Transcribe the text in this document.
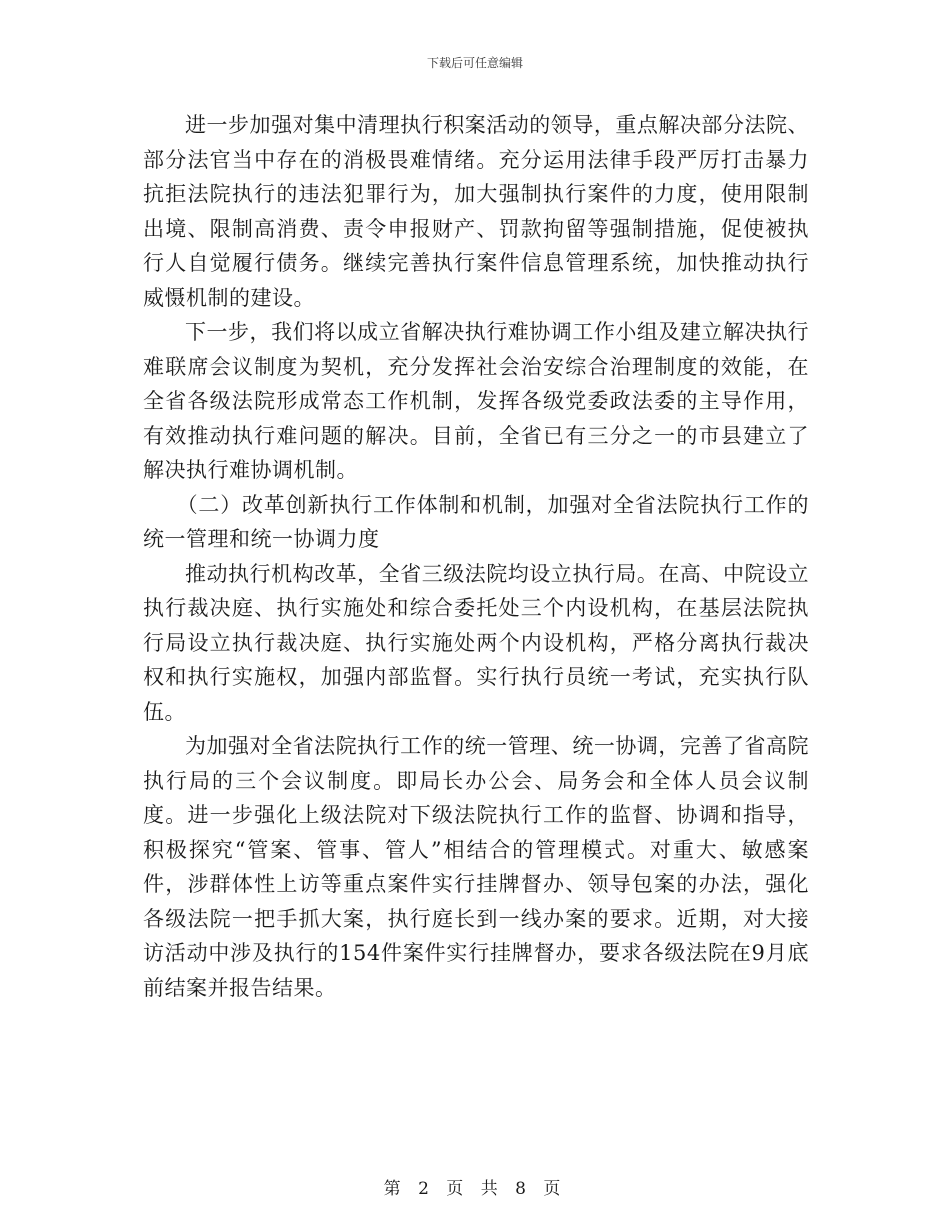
下载后可任意编辑

进一步加强对集中清理执行积案活动的领导，重点解决部分法院、部分法官当中存在的消极畏难情绪。充分运用法律手段严厉打击暴力抗拒法院执行的违法犯罪行为，加大强制执行案件的力度，使用限制出境、限制高消费、责令申报财产、罚款拘留等强制措施，促使被执行人自觉履行债务。继续完善执行案件信息管理系统，加快推动执行威慑机制的建设。

下一步，我们将以成立省解决执行难协调工作小组及建立解决执行难联席会议制度为契机，充分发挥社会治安综合治理制度的效能，在全省各级法院形成常态工作机制，发挥各级党委政法委的主导作用，有效推动执行难问题的解决。目前，全省已有三分之一的市县建立了解决执行难协调机制。

（二）改革创新执行工作体制和机制，加强对全省法院执行工作的统一管理和统一协调力度

推动执行机构改革，全省三级法院均设立执行局。在高、中院设立执行裁决庭、执行实施处和综合委托处三个内设机构，在基层法院执行局设立执行裁决庭、执行实施处两个内设机构，严格分离执行裁决权和执行实施权，加强内部监督。实行执行员统一考试，充实执行队伍。

为加强对全省法院执行工作的统一管理、统一协调，完善了省高院执行局的三个会议制度。即局长办公会、局务会和全体人员会议制度。进一步强化上级法院对下级法院执行工作的监督、协调和指导，积极探究“管案、管事、管人”相结合的管理模式。对重大、敏感案件，涉群体性上访等重点案件实行挂牌督办、领导包案的办法，强化各级法院一把手抓大案，执行庭长到一线办案的要求。近期，对大接访活动中涉及执行的154件案件实行挂牌督办，要求各级法院在9月底前结案并报告结果。

第 2 页 共 8 页
